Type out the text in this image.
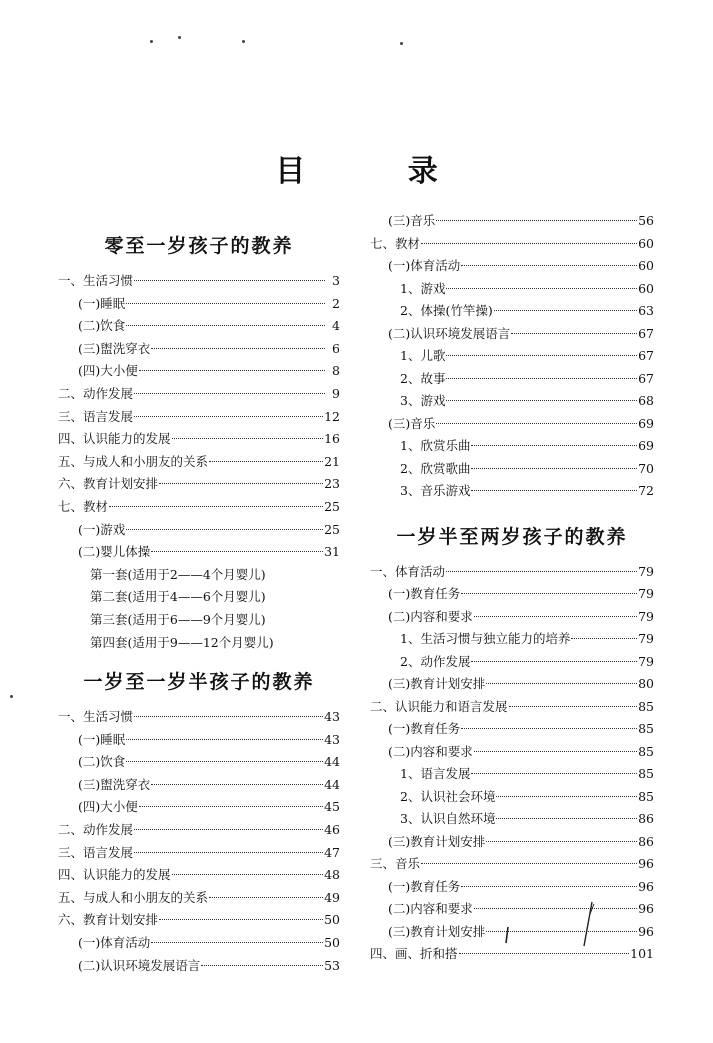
目 录
零至一岁孩子的教养
一、生活习惯	3
(一)睡眠	2
(二)饮食	4
(三)盥洗穿衣	6
(四)大小便	8
二、动作发展	9
三、语言发展	12
四、认识能力的发展	16
五、与成人和小朋友的关系	21
六、教育计划安排	23
七、教材	25
(一)游戏	25
(二)婴儿体操	31
第一套(适用于2——4个月婴儿)
第二套(适用于4——6个月婴儿)
第三套(适用于6——9个月婴儿)
第四套(适用于9——12个月婴儿)
一岁至一岁半孩子的教养
一、生活习惯	43
(一)睡眠	43
(二)饮食	44
(三)盥洗穿衣	44
(四)大小便	45
二、动作发展	46
三、语言发展	47
四、认识能力的发展	48
五、与成人和小朋友的关系	49
六、教育计划安排	50
(一)体育活动	50
(二)认识环境发展语言	53
(三)音乐	56
七、教材	60
(一)体育活动	60
1、游戏	60
2、体操(竹竿操)	63
(二)认识环境发展语言	67
1、儿歌	67
2、故事	67
3、游戏	68
(三)音乐	69
1、欣赏乐曲	69
2、欣赏歌曲	70
3、音乐游戏	72
一岁半至两岁孩子的教养
一、体育活动	79
(一)教育任务	79
(二)内容和要求	79
1、生活习惯与独立能力的培养	79
2、动作发展	79
(三)教育计划安排	80
二、认识能力和语言发展	85
(一)教育任务	85
(二)内容和要求	85
1、语言发展	85
2、认识社会环境	85
3、认识自然环境	86
(三)教育计划安排	86
三、音乐	96
(一)教育任务	96
(二)内容和要求	96
(三)教育计划安排	96
四、画、折和搭	101
